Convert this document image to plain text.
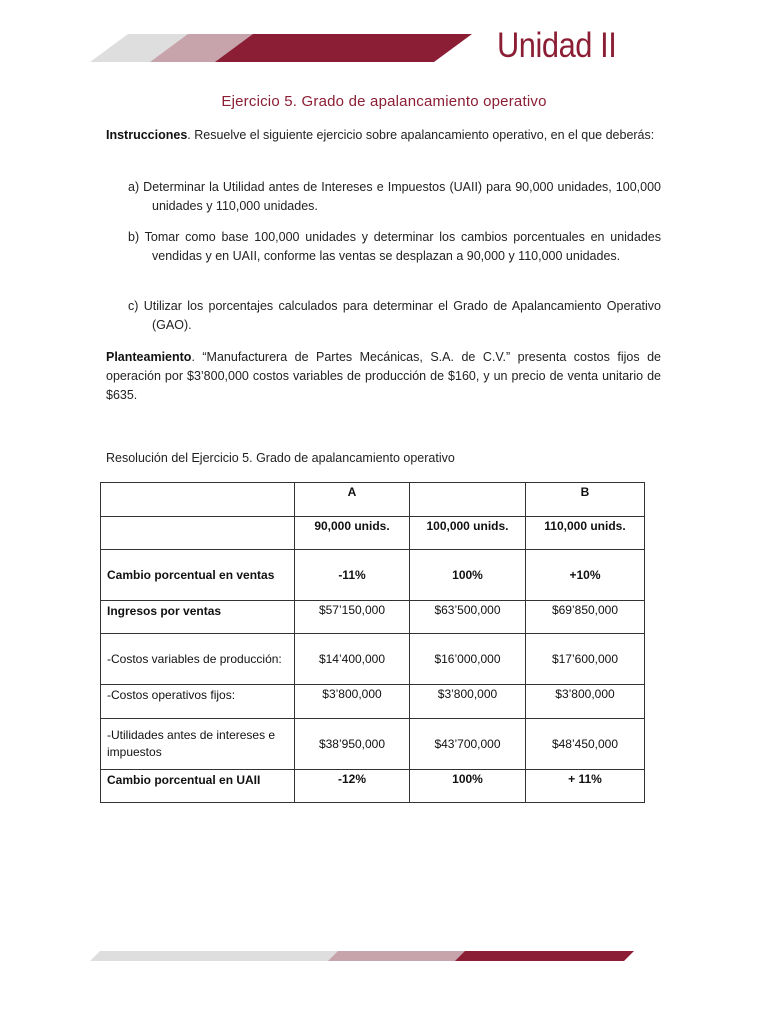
Unidad II
Ejercicio 5. Grado de apalancamiento operativo
Instrucciones. Resuelve el siguiente ejercicio sobre apalancamiento operativo, en el que deberás:
a) Determinar la Utilidad antes de Intereses e Impuestos (UAII) para 90,000 unidades, 100,000 unidades y 110,000 unidades.
b) Tomar como base 100,000 unidades y determinar los cambios porcentuales en unidades vendidas y en UAII, conforme las ventas se desplazan a 90,000 y 110,000 unidades.
c) Utilizar los porcentajes calculados para determinar el Grado de Apalancamiento Operativo (GAO).
Planteamiento. “Manufacturera de Partes Mecánicas, S.A. de C.V.” presenta costos fijos de operación por $3’800,000 costos variables de producción de $160, y un precio de venta unitario de $635.
Resolución del Ejercicio 5. Grado de apalancamiento operativo
	A		B
	90,000 unids.	100,000 unids.	110,000 unids.
Cambio porcentual en ventas	-11%	100%	+10%
Ingresos por ventas	$57’150,000	$63’500,000	$69’850,000
-Costos variables de producción:	$14’400,000	$16’000,000	$17’600,000
-Costos operativos fijos:	$3’800,000	$3’800,000	$3’800,000
-Utilidades antes de intereses e impuestos	$38’950,000	$43’700,000	$48’450,000
Cambio porcentual en UAII	-12%	100%	+ 11%
